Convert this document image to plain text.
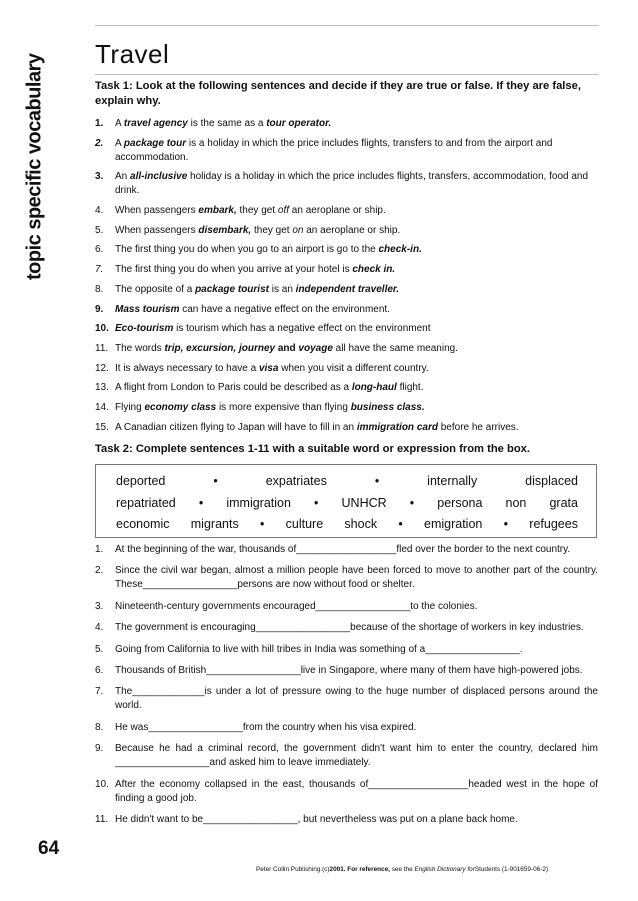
topic specific vocabulary
64
Travel
Task 1: Look at the following sentences and decide if they are true or false. If they are false, explain why.
1. A travel agency is the same as a tour operator.
2. A package tour is a holiday in which the price includes flights, transfers to and from the airport and accommodation.
3. An all-inclusive holiday is a holiday in which the price includes flights, transfers, accommodation, food and drink.
4. When passengers embark, they get off an aeroplane or ship.
5. When passengers disembark, they get on an aeroplane or ship.
6. The first thing you do when you go to an airport is go to the check-in.
7. The first thing you do when you arrive at your hotel is check in.
8. The opposite of a package tourist is an independent traveller.
9. Mass tourism can have a negative effect on the environment.
10. Eco-tourism is tourism which has a negative effect on the environment
11. The words trip, excursion, journey and voyage all have the same meaning.
12. It is always necessary to have a visa when you visit a different country.
13. A flight from London to Paris could be described as a long-haul flight.
14. Flying economy class is more expensive than flying business class.
15. A Canadian citizen flying to Japan will have to fill in an immigration card before he arrives.
Task 2: Complete sentences 1-11 with a suitable word or expression from the box.
deported	•	expatriates	•	internally	displaced
repatriated • immigration • UNHCR • persona non grata
economic migrants • culture shock • emigration • refugees
1. At the beginning of the war, thousands of__________________fled over the border to the next country.
2. Since the civil war began, almost a million people have been forced to move to another part of the country. These_________________persons are now without food or shelter.
3. Nineteenth-century governments encouraged_________________to the colonies.
4. The government is encouraging_________________because of the shortage of workers in key industries.
5. Going from California to live with hill tribes in India was something of a_________________.
6. Thousands of British_________________live in Singapore, where many of them have high-powered jobs.
7. The_____________is under a lot of pressure owing to the huge number of displaced persons around the world.
8. He was_________________from the country when his visa expired.
9. Because he had a criminal record, the government didn't want him to enter the country, declared him _________________and asked him to leave immediately.
10. After the economy collapsed in the east, thousands of__________________headed west in the hope of finding a good job.
11. He didn't want to be_________________, but nevertheless was put on a plane back home.
Peter Collin Publishing.(c)2001. For reference, see the English Dictionary forStudents (1-901659-06-2)
